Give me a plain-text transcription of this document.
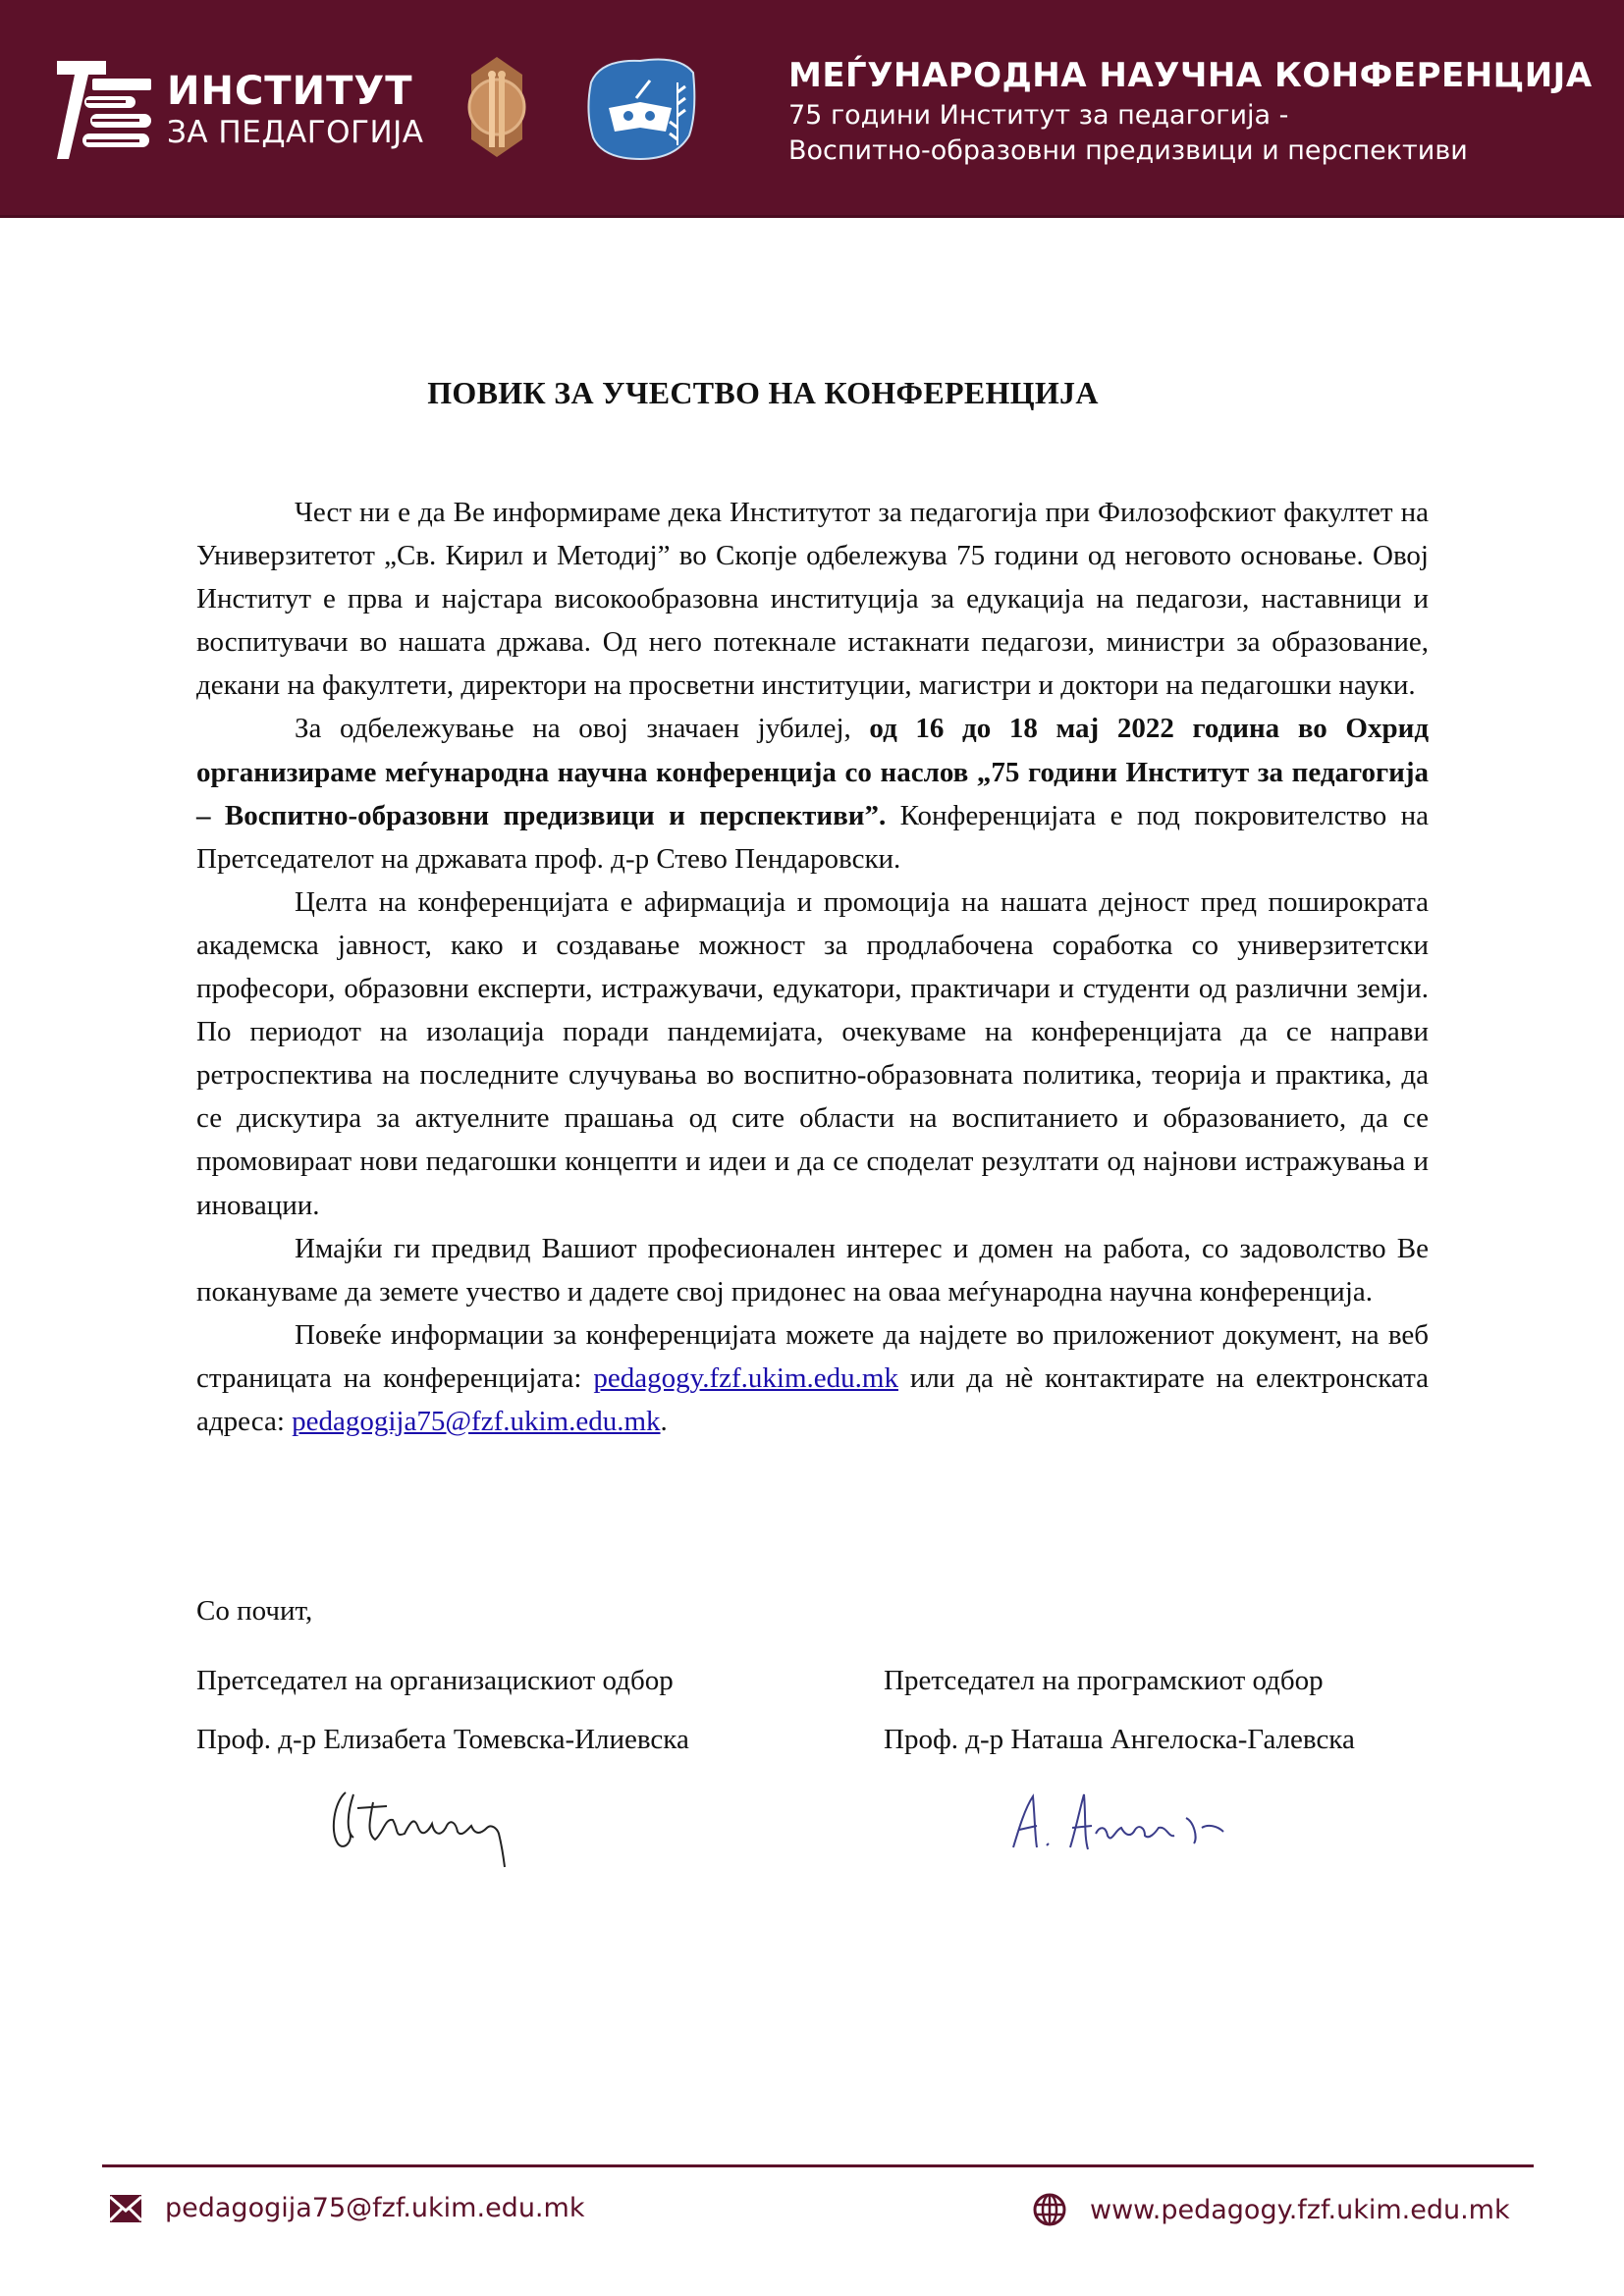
ИНСТИТУТ
ЗА ПЕДАГОГИЈА
МЕЃУНАРОДНА НАУЧНА КОНФЕРЕНЦИЈА
75 години Институт за педагогија -
Воспитно-образовни предизвици и перспективи
ПОВИК ЗА УЧЕСТВО НА КОНФЕРЕНЦИЈА

Чест ни е да Ве информираме дека Институтот за педагогија при Филозофскиот факултет на Универзитетот „Св. Кирил и Методиј” во Скопје одбележува 75 години од неговото основање. Овој Институт е прва и најстара високообразовна институција за едукација на педагози, наставници и воспитувачи во нашата држава. Од него потекнале истакнати педагози, министри за образование, декани на факултети, директори на просветни институции, магистри и доктори на педагошки науки.

За одбележување на овој значаен јубилеј, од 16 до 18 мај 2022 година во Охрид организираме меѓународна научна конференција со наслов „75 години Институт за педагогија – Воспитно-образовни предизвици и перспективи”. Конференцијата е под покровителство на Претседателот на државата проф. д-р Стево Пендаровски.

Целта на конференцијата е афирмација и промоција на нашата дејност пред поширократа академска јавност, како и создавање можност за продлабочена соработка со универзитетски професори, образовни експерти, истражувачи, едукатори, практичари и студенти од различни земји. По периодот на изолација поради пандемијата, очекуваме на конференцијата да се направи ретроспектива на последните случувања во воспитно-образовната политика, теорија и практика, да се дискутира за актуелните прашања од сите области на воспитанието и образованието, да се промовираат нови педагошки концепти и идеи и да се споделат резултати од најнови истражувања и иновации.

Имајќи ги предвид Вашиот професионален интерес и домен на работа, со задоволство Ве покануваме да земете учество и дадете свој придонес на оваа меѓународна научна конференција.

Повеќе информации за конференцијата можете да најдете во приложениот документ, на веб страницата на конференцијата: pedagogy.fzf.ukim.edu.mk или да нè контактирате на електронската адреса: pedagogija75@fzf.ukim.edu.mk.

Со почит,
Претседател на организацискиот одбор
Проф. д-р Елизабета Томевска-Илиевска
Претседател на програмскиот одбор
Проф. д-р Наташа Ангелоска-Галевска
pedagogija75@fzf.ukim.edu.mk	www.pedagogy.fzf.ukim.edu.mk
